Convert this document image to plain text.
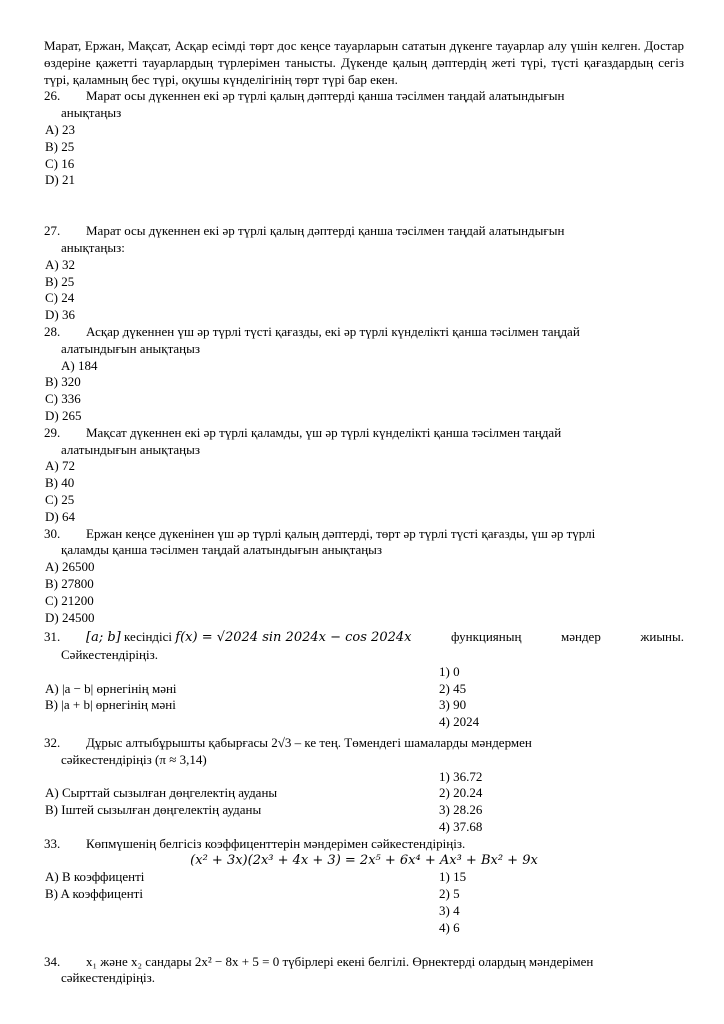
Марат, Ержан, Мақсат, Асқар есімді төрт дос кеңсе тауарларын сататын дүкенге тауарлар алу үшін келген. Достар өздеріне қажетті тауарлардың түрлерімен танысты. Дүкенде қалың дәптердің жеті түрі, түсті қағаздардың сегіз түрі, қаламның бес түрі, оқушы күнделігінің төрт түрі бар екен.
26.	Марат осы дүкеннен екі әр түрлі қалың дәптерді қанша тәсілмен таңдай алатындығын
анықтаңыз
A) 23
B) 25
C) 16
D) 21
27.	Марат осы дүкеннен екі әр түрлі қалың дәптерді қанша тәсілмен таңдай алатындығын
анықтаңыз:
A) 32
B) 25
C) 24
D) 36
28.	Асқар дүкеннен үш әр түрлі түсті қағазды, екі әр түрлі күнделікті қанша тәсілмен таңдай
алатындығын анықтаңыз
A) 184
B) 320
C) 336
D) 265
29.	Мақсат дүкеннен екі әр түрлі қаламды, үш әр түрлі күнделікті қанша тәсілмен таңдай
алатындығын анықтаңыз
A) 72
B) 40
C) 25
D) 64
30.	Ержан кеңсе дүкенінен үш әр түрлі қалың дәптерді, төрт әр түрлі түсті қағазды, үш әр түрлі
қаламды қанша тәсілмен таңдай алатындығын анықтаңыз
A) 26500
B) 27800
C) 21200
D) 24500
31.	[a; b] кесіндісі f(x) = √2024 sin 2024x − cos 2024x	функцияның	мәндер	жиыны.
Сәйкестендіріңіз.
1) 0
A) |a − b| өрнегінің мәні	2) 45
B) |a + b| өрнегінің мәні	3) 90
4) 2024
32.	Дұрыс алтыбұрышты қабырғасы 2√3 – ке тең. Төмендегі шамаларды мәндермен
сәйкестендіріңіз (π ≈ 3,14)
1) 36.72
A) Сырттай сызылған дөңгелектің ауданы	2) 20.24
B) Іштей сызылған дөңгелектің ауданы	3) 28.26
4) 37.68
33.	Көпмүшенің белгісіз коэффиценттерін мәндерімен сәйкестендіріңіз.
(x² + 3x)(2x³ + 4x + 3) = 2x⁵ + 6x⁴ + Ax³ + Bx² + 9x
A) B коэффиценті	1) 15
B) A коэффиценті	2) 5
3) 4
4) 6
34.	x₁ және x₂ сандары 2x² − 8x + 5 = 0 түбірлері екені белгілі. Өрнектерді олардың мәндерімен
сәйкестендіріңіз.
